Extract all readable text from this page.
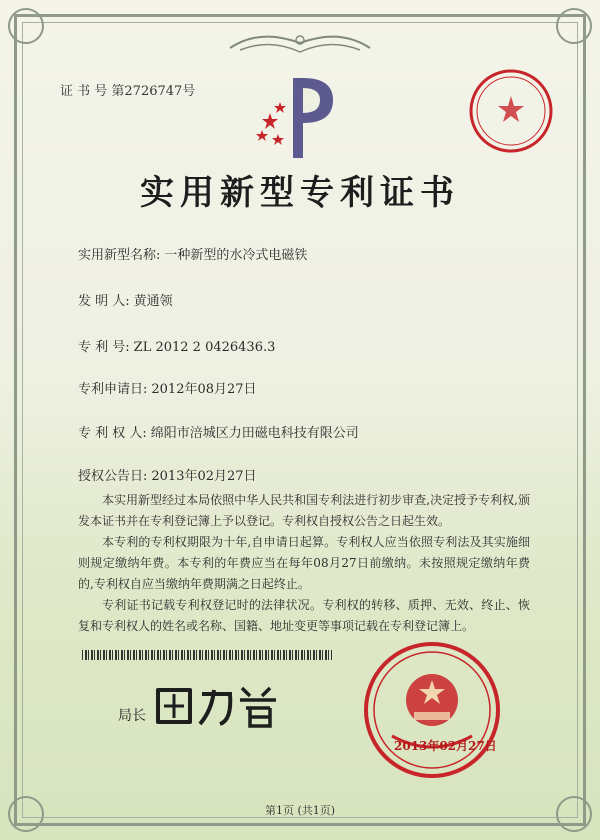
证 书 号 第2726747号
实用新型专利证书
实用新型名称: 一种新型的水冷式电磁铁
发 明 人: 黄通领
专 利 号: ZL 2012 2 0426436.3
专利申请日: 2012年08月27日
专 利 权 人: 绵阳市涪城区力田磁电科技有限公司
授权公告日: 2013年02月27日

本实用新型经过本局依照中华人民共和国专利法进行初步审查,决定授予专利权,颁发本证书并在专利登记簿上予以登记。专利权自授权公告之日起生效。

本专利的专利权期限为十年,自申请日起算。专利权人应当依照专利法及其实施细则规定缴纳年费。本专利的年费应当在每年08月27日前缴纳。未按照规定缴纳年费的,专利权自应当缴纳年费期满之日起终止。

专利证书记载专利权登记时的法律状况。专利权的转移、质押、无效、终止、恢复和专利权人的姓名或名称、国籍、地址变更等事项记载在专利登记簿上。

局长
2013年02月27日
第1页 (共1页)
